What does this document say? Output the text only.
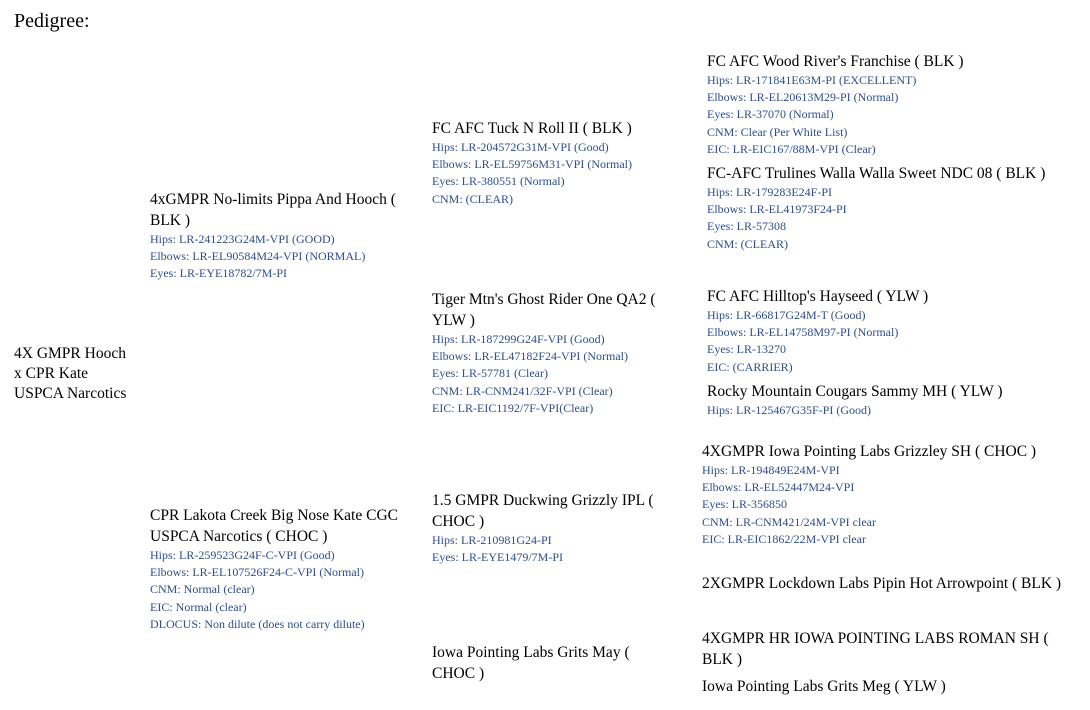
Pedigree:
4X GMPR Hooch
x CPR Kate
USPCA Narcotics
4xGMPR No-limits Pippa And Hooch ( BLK )
Hips: LR-241223G24M-VPI (GOOD)
Elbows: LR-EL90584M24-VPI (NORMAL)
Eyes: LR-EYE18782/7M-PI
CPR Lakota Creek Big Nose Kate CGC USPCA Narcotics ( CHOC )
Hips: LR-259523G24F-C-VPI (Good)
Elbows: LR-EL107526F24-C-VPI (Normal)
CNM: Normal (clear)
EIC: Normal (clear)
DLOCUS: Non dilute (does not carry dilute)
FC AFC Tuck N Roll II ( BLK )
Hips: LR-204572G31M-VPI (Good)
Elbows: LR-EL59756M31-VPI (Normal)
Eyes: LR-380551 (Normal)
CNM: (CLEAR)
Tiger Mtn's Ghost Rider One QA2 ( YLW )
Hips: LR-187299G24F-VPI (Good)
Elbows: LR-EL47182F24-VPI (Normal)
Eyes: LR-57781 (Clear)
CNM: LR-CNM241/32F-VPI (Clear)
EIC: LR-EIC1192/7F-VPI(Clear)
1.5 GMPR Duckwing Grizzly IPL ( CHOC )
Hips: LR-210981G24-PI
Eyes: LR-EYE1479/7M-PI
Iowa Pointing Labs Grits May ( CHOC )
FC AFC Wood River's Franchise ( BLK )
Hips: LR-171841E63M-PI (EXCELLENT)
Elbows: LR-EL20613M29-PI (Normal)
Eyes: LR-37070 (Normal)
CNM: Clear (Per White List)
EIC: LR-EIC167/88M-VPI (Clear)
FC-AFC Trulines Walla Walla Sweet NDC 08 ( BLK )
Hips: LR-179283E24F-PI
Elbows: LR-EL41973F24-PI
Eyes: LR-57308
CNM: (CLEAR)
FC AFC Hilltop's Hayseed ( YLW )
Hips: LR-66817G24M-T (Good)
Elbows: LR-EL14758M97-PI (Normal)
Eyes: LR-13270
EIC: (CARRIER)
Rocky Mountain Cougars Sammy MH ( YLW )
Hips: LR-125467G35F-PI (Good)
4XGMPR Iowa Pointing Labs Grizzley SH ( CHOC )
Hips: LR-194849E24M-VPI
Elbows: LR-EL52447M24-VPI
Eyes: LR-356850
CNM: LR-CNM421/24M-VPI clear
EIC: LR-EIC1862/22M-VPI clear
2XGMPR Lockdown Labs Pipin Hot Arrowpoint ( BLK )
4XGMPR HR IOWA POINTING LABS ROMAN SH ( BLK )
Iowa Pointing Labs Grits Meg ( YLW )
